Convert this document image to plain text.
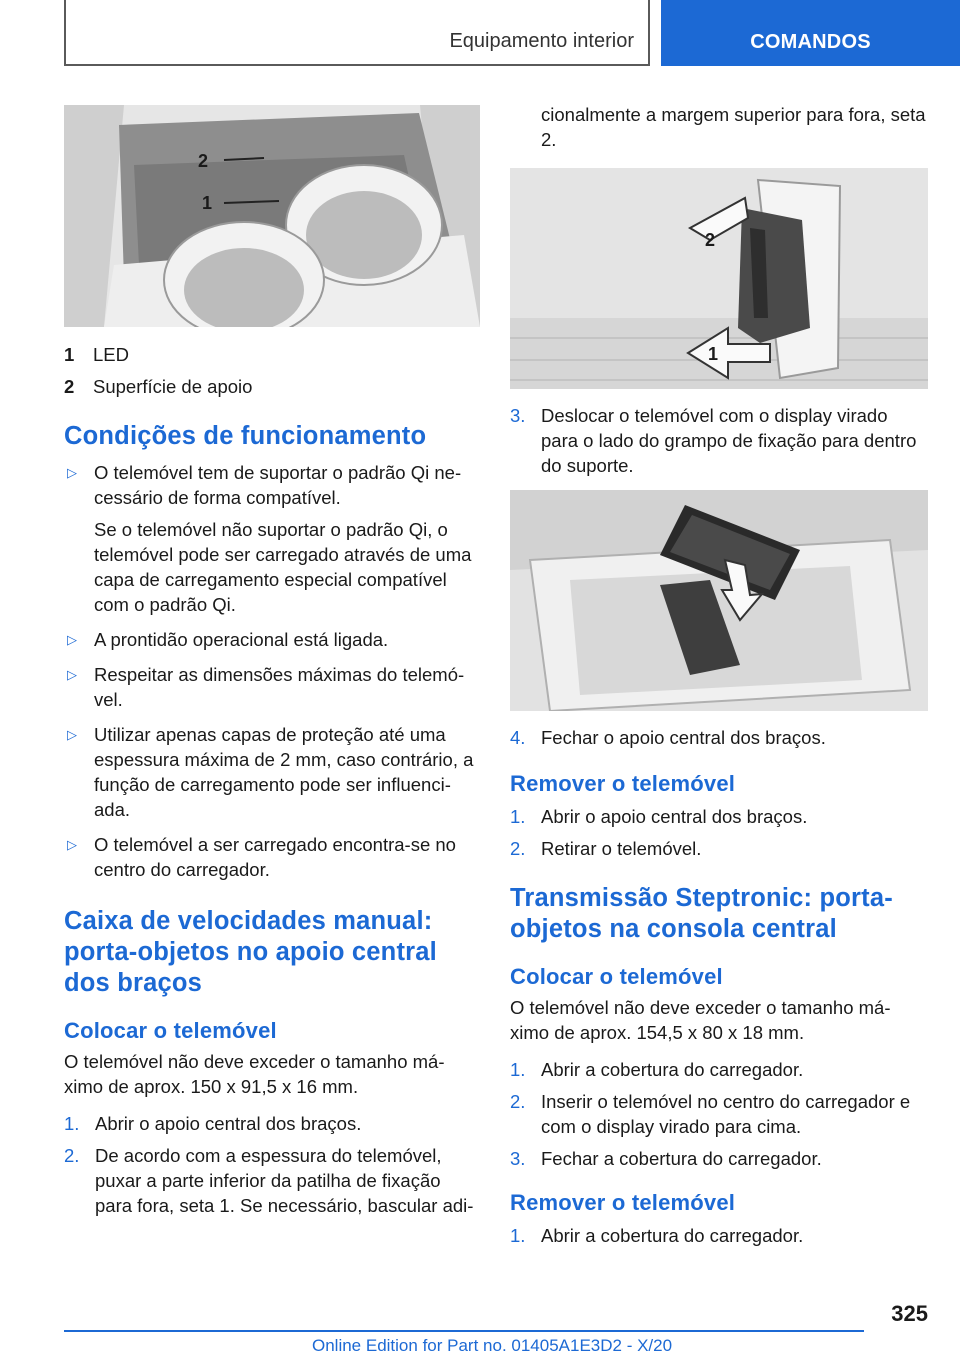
Equipamento interior	COMANDOS
2
1
1	LED
2	Superfície de apoio
Condições de funcionamento
▷ O telemóvel tem de suportar o padrão Qi ne-cessário de forma compatível.

Se o telemóvel não suportar o padrão Qi, o telemóvel pode ser carregado através de uma capa de carregamento especial compatível com o padrão Qi.

▷ A prontidão operacional está ligada.

▷ Respeitar as dimensões máximas do telemó-vel.

▷ Utilizar apenas capas de proteção até uma espessura máxima de 2 mm, caso contrário, a função de carregamento pode ser influenci-ada.

▷ O telemóvel a ser carregado encontra-se no centro do carregador.

Caixa de velocidades manual: porta-objetos no apoio central dos braços
Colocar o telemóvel

O telemóvel não deve exceder o tamanho má-ximo de aprox. 150 x 91,5 x 16 mm.

1. Abrir o apoio central dos braços.
2. De acordo com a espessura do telemóvel, puxar a parte inferior da patilha de fixação para fora, seta 1. Se necessário, bascular adi-

cionalmente a margem superior para fora, seta 2.

2
1
3. Deslocar o telemóvel com o display virado para o lado do grampo de fixação para dentro do suporte.
4. Fechar o apoio central dos braços.
Remover o telemóvel
1. Abrir o apoio central dos braços.
2. Retirar o telemóvel.
Transmissão Steptronic: porta-objetos na consola central
Colocar o telemóvel

O telemóvel não deve exceder o tamanho má-ximo de aprox. 154,5 x 80 x 18 mm.

1. Abrir a cobertura do carregador.
2. Inserir o telemóvel no centro do carregador e com o display virado para cima.
3. Fechar a cobertura do carregador.
Remover o telemóvel
1. Abrir a cobertura do carregador.
325
Online Edition for Part no. 01405A1E3D2 - X/20
